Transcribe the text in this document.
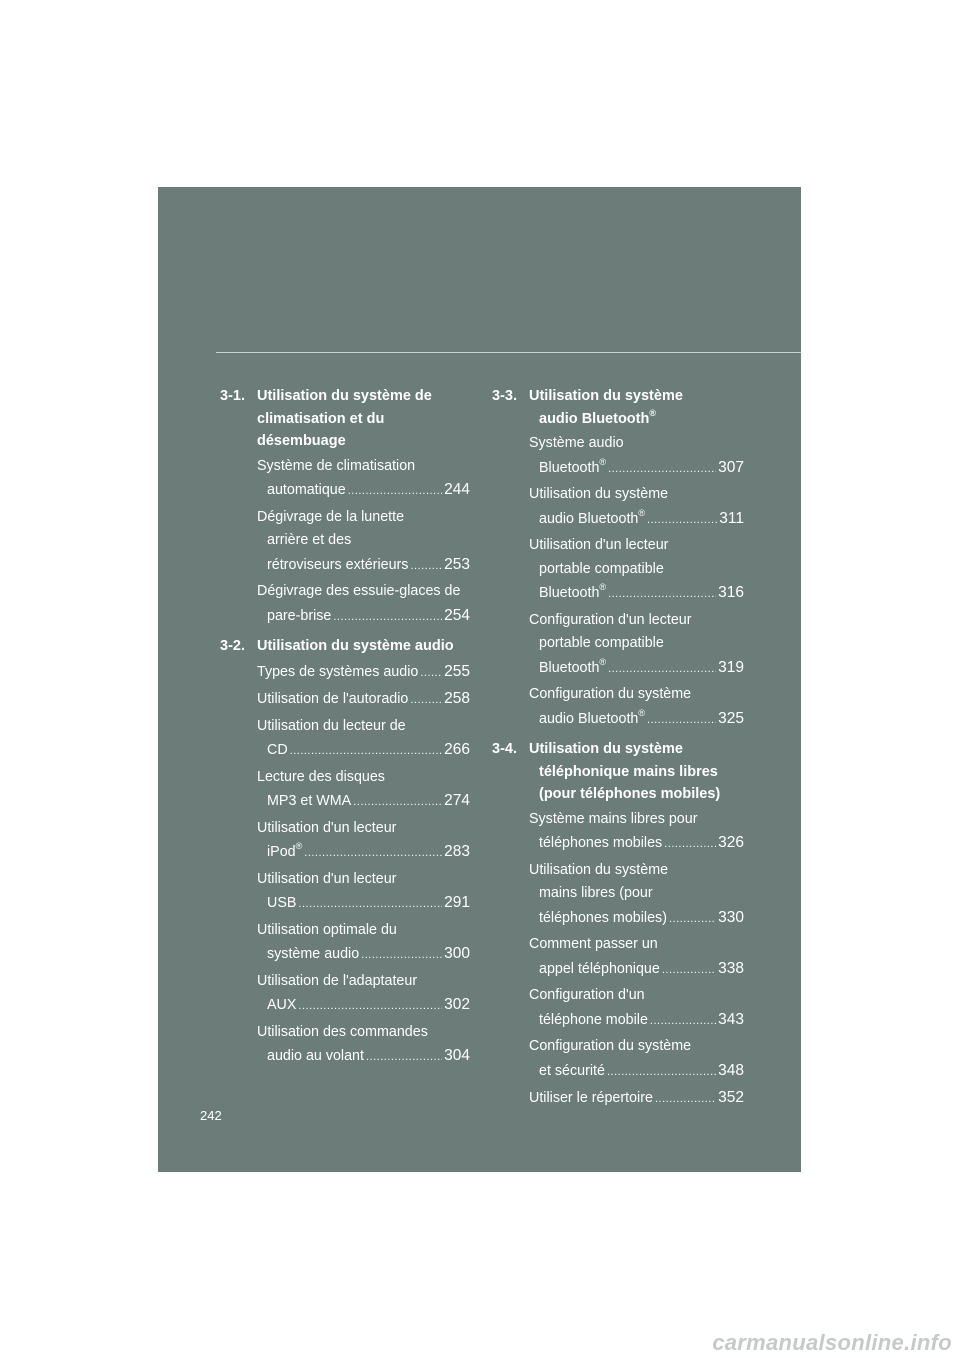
3-1. Utilisation du système de
climatisation et du
désembuage
Système de climatisation
automatique .....	244
Dégivrage de la lunette
arrière et des
rétroviseurs extérieurs ..... 253
Dégivrage des essuie-glaces de
pare-brise .....	254
3-2. Utilisation du système audio
Types de systèmes audio ..... 255
Utilisation de l'autoradio ..... 258
Utilisation du lecteur de
CD .....	266
Lecture des disques
MP3 et WMA .....	274
Utilisation d'un lecteur
iPod® .....	283
Utilisation d'un lecteur
USB .....	291
Utilisation optimale du
système audio .....	300
Utilisation de l'adaptateur
AUX .....	302
Utilisation des commandes
audio au volant .....	304
3-3. Utilisation du système
audio Bluetooth®
Système audio
Bluetooth® .....	307
Utilisation du système
audio Bluetooth® .....	311
Utilisation d'un lecteur
portable compatible
Bluetooth® .....	316
Configuration d'un lecteur
portable compatible
Bluetooth® .....	319
Configuration du système
audio Bluetooth® .....	325
3-4. Utilisation du système
téléphonique mains libres
(pour téléphones mobiles)
Système mains libres pour
téléphones mobiles .....	326
Utilisation du système
mains libres (pour
téléphones mobiles) .....	330
Comment passer un
appel téléphonique .....	338
Configuration d'un
téléphone mobile .....	343
Configuration du système
et sécurité .....	348
Utiliser le répertoire .....	352
242
carmanualsonline.info
